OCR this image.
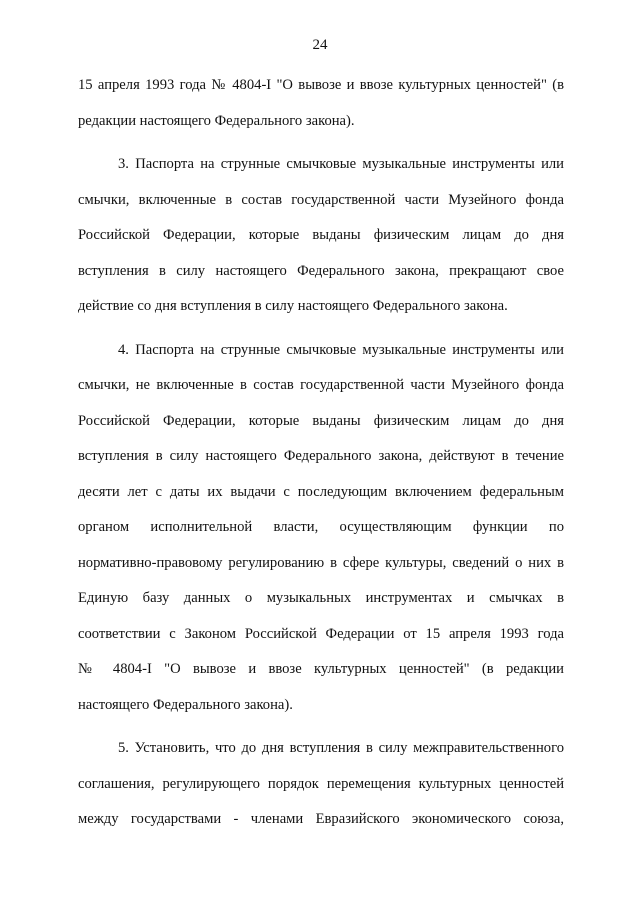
24
15 апреля 1993 года № 4804-I "О вывозе и ввозе культурных ценностей" (в
редакции настоящего Федерального закона).
3. Паспорта на струнные смычковые музыкальные инструменты или
смычки, включенные в состав государственной части Музейного фонда
Российской Федерации, которые выданы физическим лицам до дня
вступления в силу настоящего Федерального закона, прекращают свое
действие со дня вступления в силу настоящего Федерального закона.
4. Паспорта на струнные смычковые музыкальные инструменты или
смычки, не включенные в состав государственной части Музейного фонда
Российской Федерации, которые выданы физическим лицам до дня
вступления в силу настоящего Федерального закона, действуют в течение
десяти лет с даты их выдачи с последующим включением федеральным
органом исполнительной власти, осуществляющим функции по
нормативно-правовому регулированию в сфере культуры, сведений о них в
Единую базу данных о музыкальных инструментах и смычках в
соответствии с Законом Российской Федерации от 15 апреля 1993 года
№ 4804-I "О вывозе и ввозе культурных ценностей" (в редакции
настоящего Федерального закона).
5. Установить, что до дня вступления в силу межправительственного
соглашения, регулирующего порядок перемещения культурных ценностей
между государствами - членами Евразийского экономического союза,
